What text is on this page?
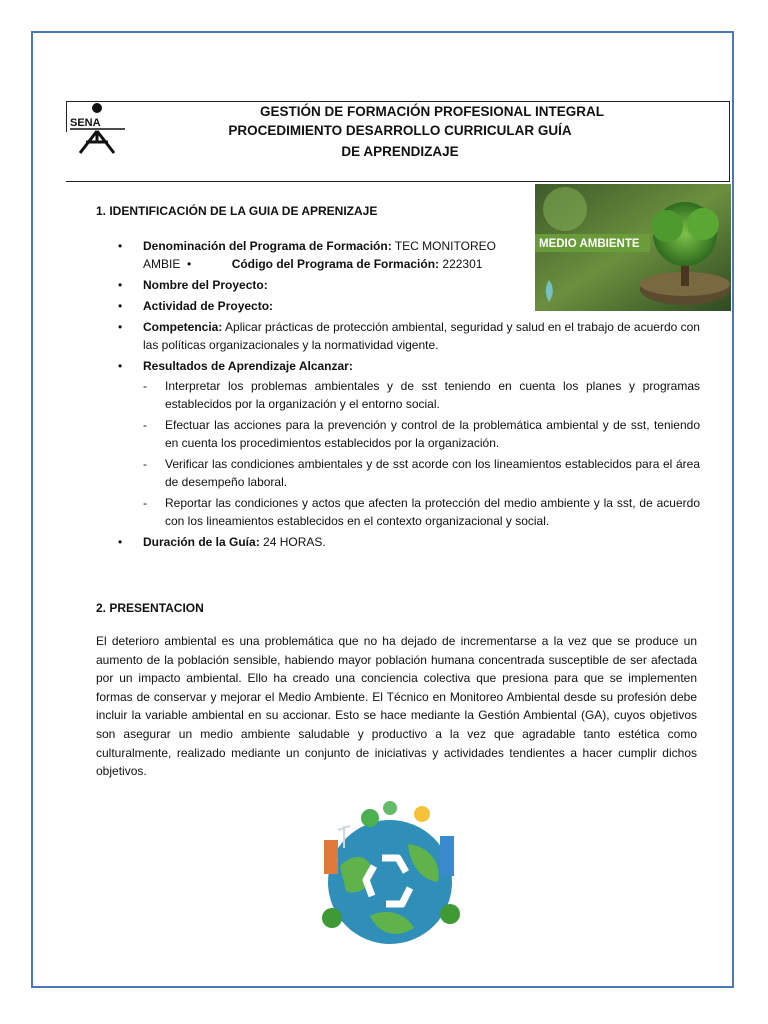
SENA
GESTIÓN DE FORMACIÓN PROFESIONAL INTEGRAL
PROCEDIMIENTO DESARROLLO CURRICULAR GUÍA
DE APRENDIZAJE
MEDIO AMBIENTE
1. IDENTIFICACIÓN DE LA GUIA DE APRENIZAJE
• Denominación del Programa de Formación: TEC MONITOREO AMBIE  •	Código del Programa de Formación: 222301
• Nombre del Proyecto:
• Actividad de Proyecto:
• Competencia: Aplicar prácticas de protección ambiental, seguridad y salud en el trabajo de acuerdo con las políticas organizacionales y la normatividad vigente.
• Resultados de Aprendizaje Alcanzar:
- Interpretar los problemas ambientales y de sst teniendo en cuenta los planes y programas establecidos por la organización y el entorno social.
- Efectuar las acciones para la prevención y control de la problemática ambiental y de sst, teniendo en cuenta los procedimientos establecidos por la organización.
- Verificar las condiciones ambientales y de sst acorde con los lineamientos establecidos para el área de desempeño laboral.
- Reportar las condiciones y actos que afecten la protección del medio ambiente y la sst, de acuerdo con los lineamientos establecidos en el contexto organizacional y social.
• Duración de la Guía: 24 HORAS.
2. PRESENTACION
El deterioro ambiental es una problemática que no ha dejado de incrementarse a la vez que se produce un aumento de la población sensible, habiendo mayor población humana concentrada susceptible de ser afectada por un impacto ambiental. Ello ha creado una conciencia colectiva que presiona para que se implementen formas de conservar y mejorar el Medio Ambiente. El Técnico en Monitoreo Ambiental desde su profesión debe incluir la variable ambiental en su accionar. Esto se hace mediante la Gestión Ambiental (GA), cuyos objetivos son asegurar un medio ambiente saludable y productivo a la vez que agradable tanto estética como culturalmente, realizado mediante un conjunto de iniciativas y actividades tendientes a hacer cumplir dichos objetivos.
